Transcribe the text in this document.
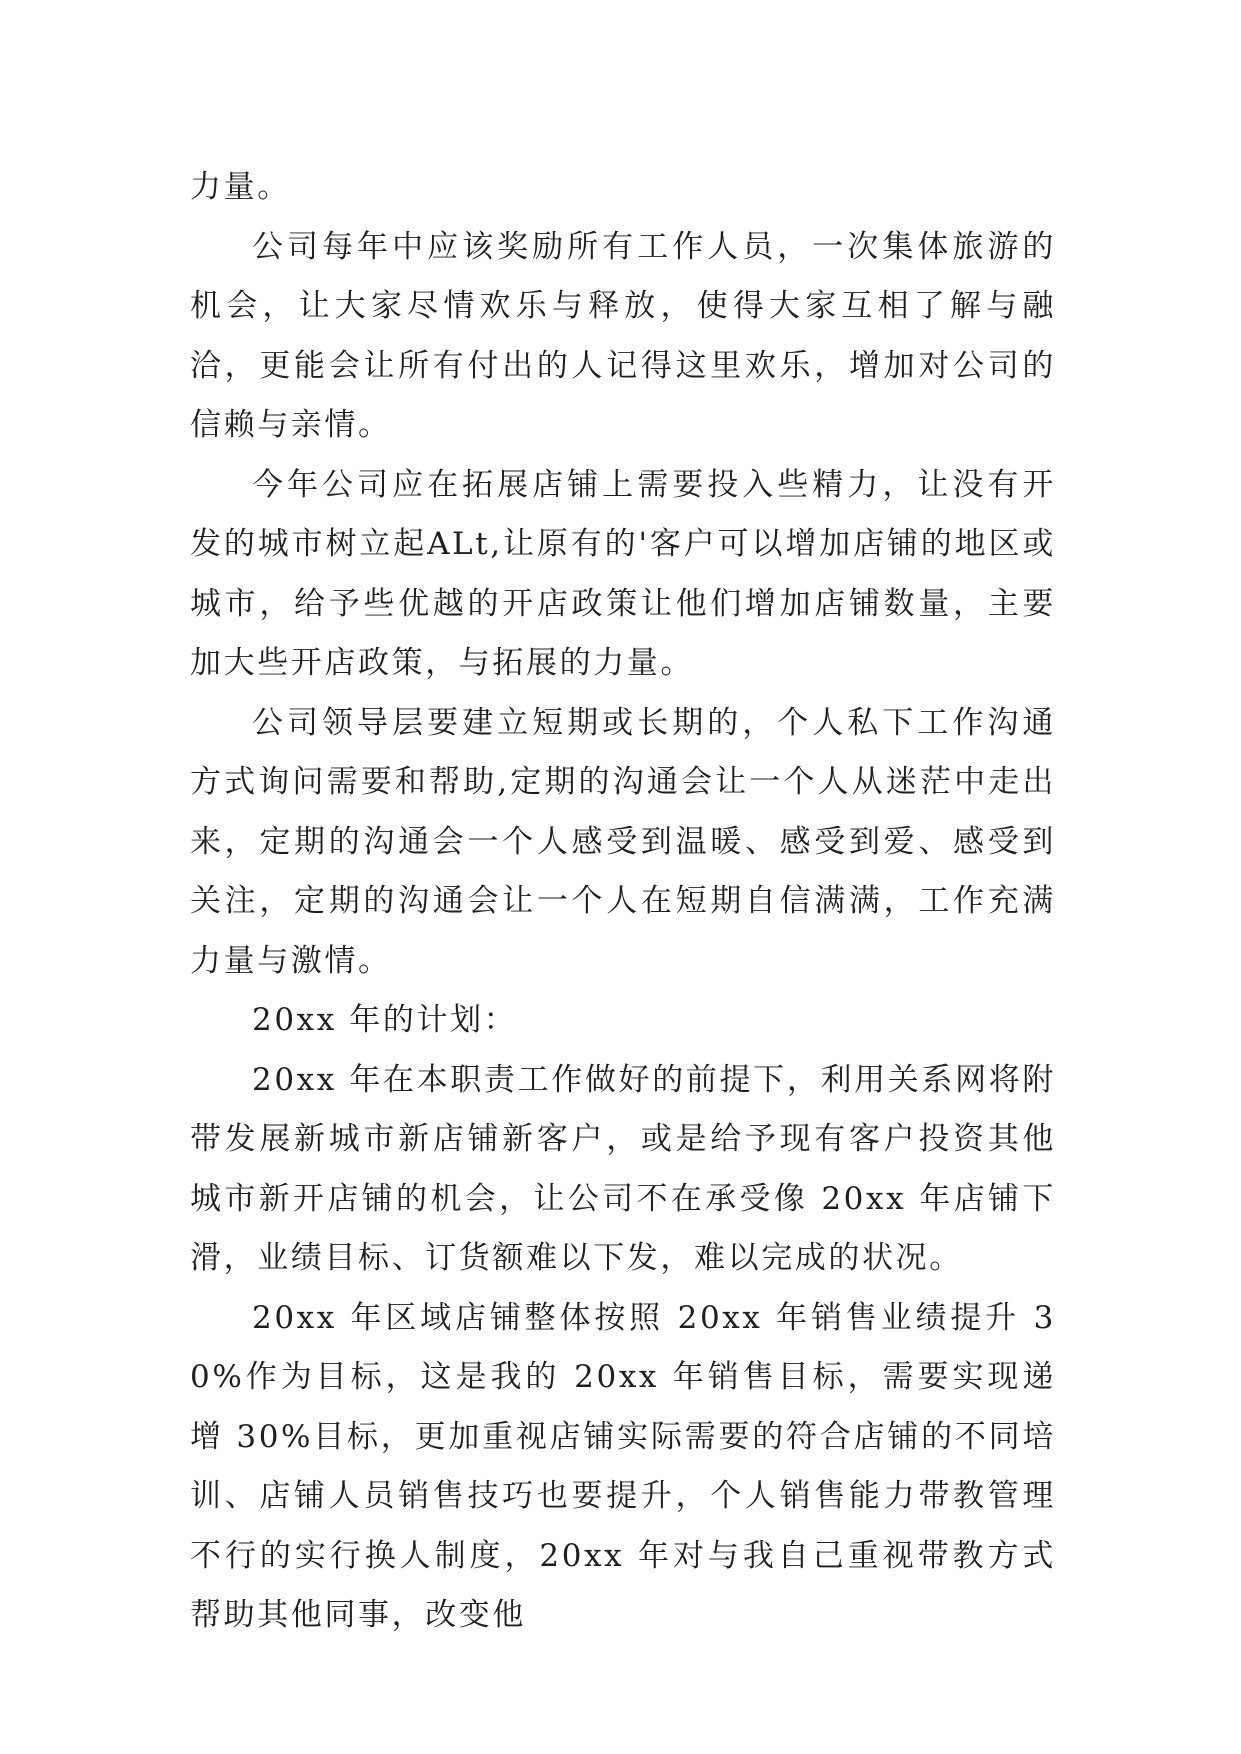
力量。

公司每年中应该奖励所有工作人员，一次集体旅游的机会，让大家尽情欢乐与释放，使得大家互相了解与融洽，更能会让所有付出的人记得这里欢乐，增加对公司的信赖与亲情。

今年公司应在拓展店铺上需要投入些精力，让没有开发的城市树立起ALt,让原有的'客户可以增加店铺的地区或城市，给予些优越的开店政策让他们增加店铺数量，主要加大些开店政策，与拓展的力量。

公司领导层要建立短期或长期的，个人私下工作沟通方式询问需要和帮助,定期的沟通会让一个人从迷茫中走出来，定期的沟通会一个人感受到温暖、感受到爱、感受到关注，定期的沟通会让一个人在短期自信满满，工作充满力量与激情。

20xx 年的计划：

20xx 年在本职责工作做好的前提下，利用关系网将附带发展新城市新店铺新客户，或是给予现有客户投资其他城市新开店铺的机会，让公司不在承受像 20xx 年店铺下滑，业绩目标、订货额难以下发，难以完成的状况。

20xx 年区域店铺整体按照 20xx 年销售业绩提升 30%作为目标，这是我的 20xx 年销售目标，需要实现递增 30%目标，更加重视店铺实际需要的符合店铺的不同培训、店铺人员销售技巧也要提升，个人销售能力带教管理不行的实行换人制度，20xx 年对与我自己重视带教方式帮助其他同事，改变他
